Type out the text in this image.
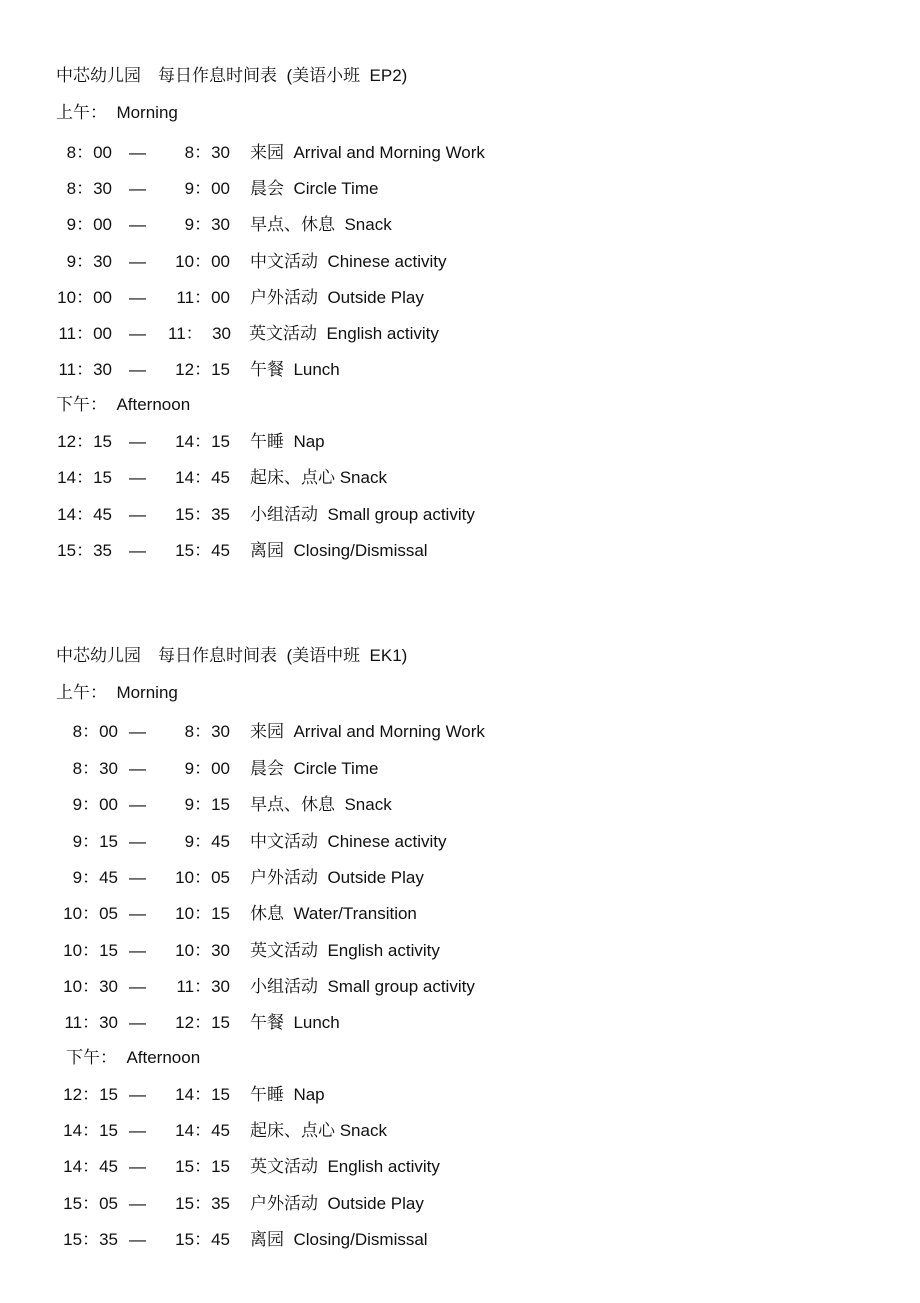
中芯幼儿园　每日作息时间表  (美语小班  EP2)
上午：  Morning
8：00 —	8：30 来园  Arrival and Morning Work
8：30 —	9：00 晨会  Circle Time
9：00 —	9：30 早点、休息  Snack
9：30 —	10：00 中文活动  Chinese activity
10：00 —	11：00 户外活动  Outside Play
11：00 — 11：  30 英文活动  English activity
11：30 —	12：15 午餐  Lunch
下午：  Afternoon
12：15 —	14：15 午睡  Nap
14：15 —	14：45 起床、点心 Snack
14：45 —	15：35 小组活动  Small group activity
15：35 —	15：45 离园  Closing/Dismissal
中芯幼儿园　每日作息时间表  (美语中班  EK1)
上午：  Morning
8：00 —	8：30 来园  Arrival and Morning Work
8：30 —	9：00 晨会  Circle Time
9：00 —	9：15 早点、休息  Snack
9：15 —	9：45 中文活动  Chinese activity
9：45 —	10：05 户外活动  Outside Play
10：05 —	10：15 休息  Water/Transition
10：15 —	10：30 英文活动  English activity
10：30 —	11：30 小组活动  Small group activity
11：30 —	12：15 午餐  Lunch
下午：  Afternoon
12：15 —	14：15 午睡  Nap
14：15 —	14：45 起床、点心 Snack
14：45 —	15：15 英文活动  English activity
15：05 —	15：35 户外活动  Outside Play
15：35 —	15：45 离园  Closing/Dismissal
